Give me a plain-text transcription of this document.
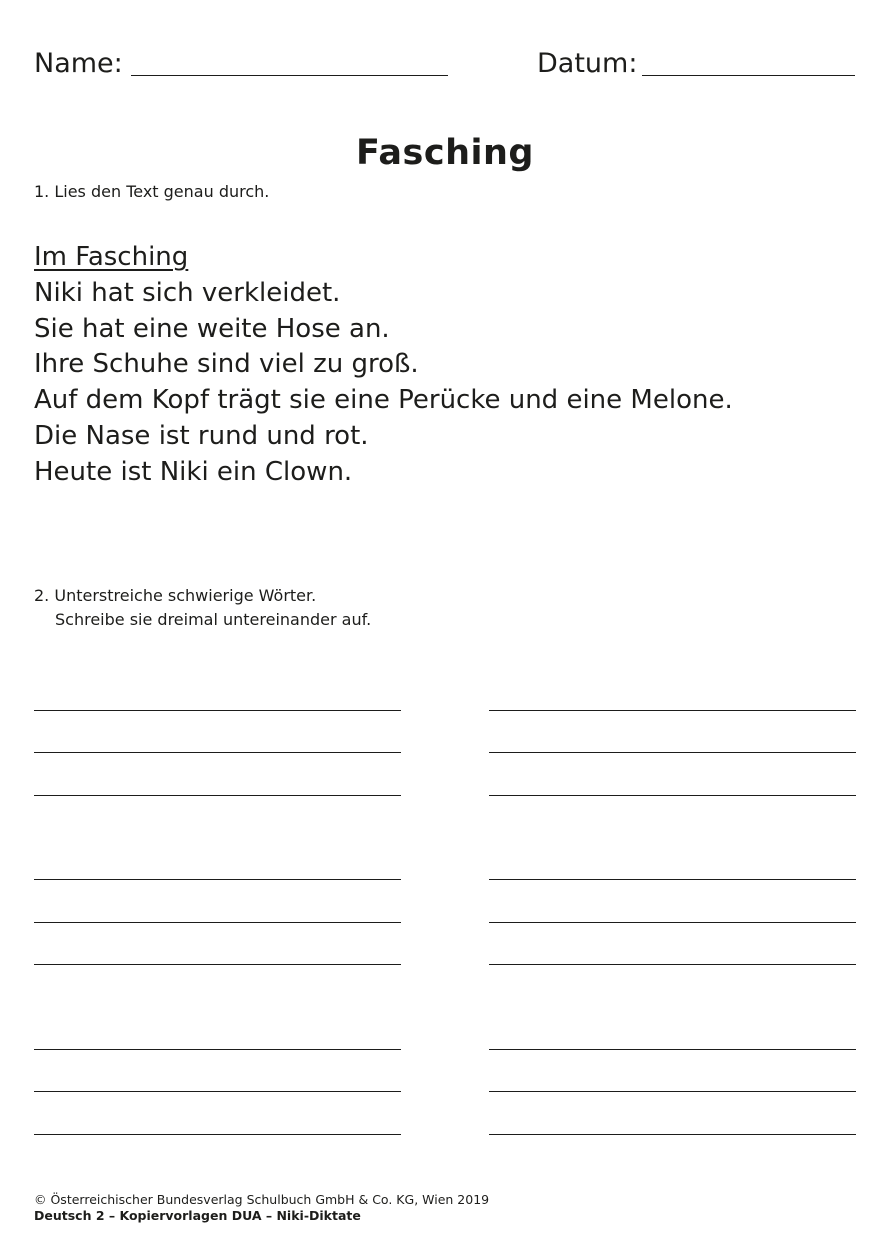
Name:	Datum:
Fasching
1. Lies den Text genau durch.
Im Fasching
Niki hat sich verkleidet.
Sie hat eine weite Hose an.
Ihre Schuhe sind viel zu groß.
Auf dem Kopf trägt sie eine Perücke und eine Melone.
Die Nase ist rund und rot.
Heute ist Niki ein Clown.
2. Unterstreiche schwierige Wörter.
Schreibe sie dreimal untereinander auf.
© Österreichischer Bundesverlag Schulbuch GmbH & Co. KG, Wien 2019
Deutsch 2 – Kopiervorlagen DUA – Niki-Diktate
